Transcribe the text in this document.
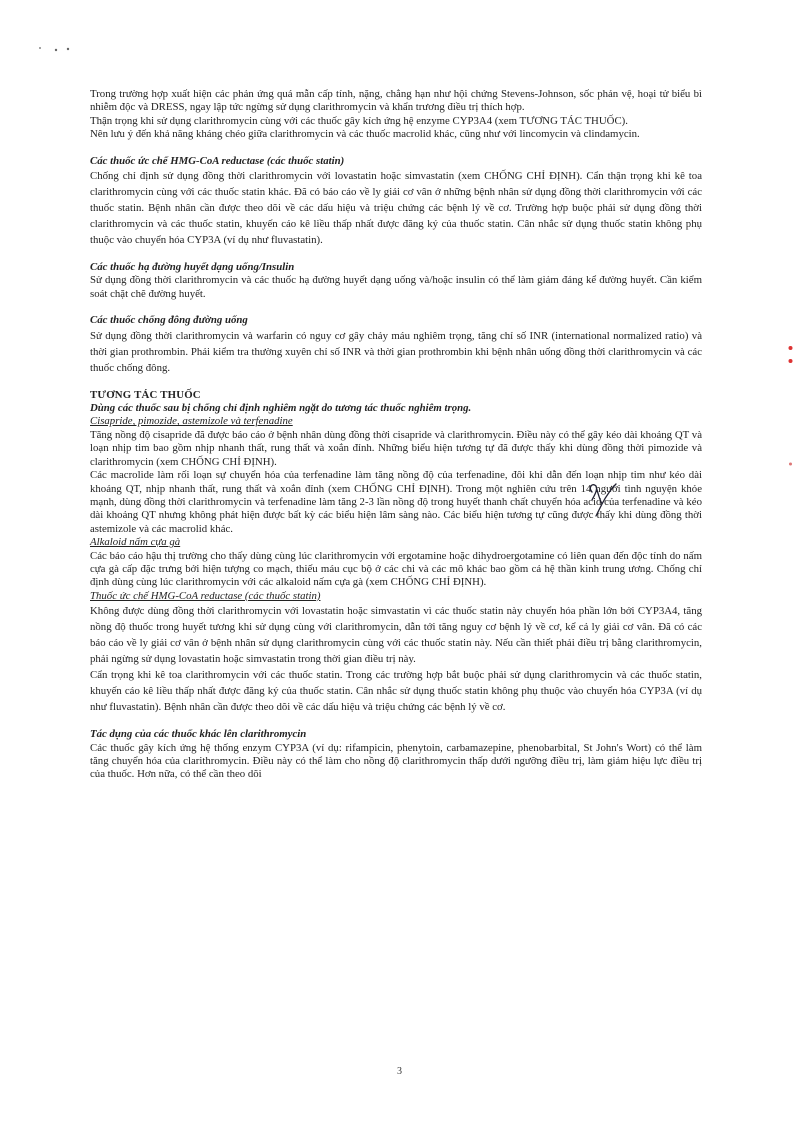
Trong trường hợp xuất hiện các phản ứng quá mẫn cấp tính, nặng, chẳng hạn như hội chứng Stevens-Johnson, sốc phản vệ, hoại tử biểu bì nhiễm độc và DRESS, ngay lập tức ngừng sử dụng clarithromycin và khẩn trương điều trị thích hợp.

Thận trọng khi sử dụng clarithromycin cùng với các thuốc gây kích ứng hệ enzyme CYP3A4 (xem TƯƠNG TÁC THUỐC).

Nên lưu ý đến khả năng kháng chéo giữa clarithromycin và các thuốc macrolid khác, cũng như với lincomycin và clindamycin.

Các thuốc ức chế HMG-CoA reductase (các thuốc statin)

Chống chỉ định sử dụng đồng thời clarithromycin với lovastatin hoặc simvastatin (xem CHỐNG CHỈ ĐỊNH). Cẩn thận trọng khi kê toa clarithromycin cùng với các thuốc statin khác. Đã có báo cáo về ly giải cơ vân ở những bệnh nhân sử dụng đồng thời clarithromycin với các thuốc statin. Bệnh nhân cần được theo dõi về các dấu hiệu và triệu chứng các bệnh lý về cơ. Trường hợp buộc phải sử dụng đồng thời clarithromycin và các thuốc statin, khuyến cáo kê liều thấp nhất được đăng ký của thuốc statin. Cân nhắc sử dụng thuốc statin không phụ thuộc vào chuyển hóa CYP3A (ví dụ như fluvastatin).

Các thuốc hạ đường huyết dạng uống/Insulin

Sử dụng đồng thời clarithromycin và các thuốc hạ đường huyết dạng uống và/hoặc insulin có thể làm giảm đáng kể đường huyết. Cần kiểm soát chặt chẽ đường huyết.

Các thuốc chống đông đường uống

Sử dụng đồng thời clarithromycin và warfarin có nguy cơ gây chảy máu nghiêm trọng, tăng chỉ số INR (international normalized ratio) và thời gian prothrombin. Phải kiểm tra thường xuyên chỉ số INR và thời gian prothrombin khi bệnh nhân uống đồng thời clarithromycin và các thuốc chống đông.

TƯƠNG TÁC THUỐC

Dùng các thuốc sau bị chống chỉ định nghiêm ngặt do tương tác thuốc nghiêm trọng.

Cisapride, pimozide, astemizole và terfenadine

Tăng nồng độ cisapride đã được báo cáo ở bệnh nhân dùng đồng thời cisapride và clarithromycin. Điều này có thể gây kéo dài khoảng QT và loạn nhịp tim bao gồm nhịp nhanh thất, rung thất và xoắn đỉnh. Những biểu hiện tương tự đã được thấy khi dùng đồng thời pimozide và clarithromycin (xem CHỐNG CHỈ ĐỊNH).

Các macrolide làm rối loạn sự chuyển hóa của terfenadine làm tăng nồng độ của terfenadine, đôi khi dẫn đến loạn nhịp tim như kéo dài khoảng QT, nhịp nhanh thất, rung thất và xoắn đỉnh (xem CHỐNG CHỈ ĐỊNH). Trong một nghiên cứu trên 14 người tình nguyện khỏe mạnh, dùng đồng thời clarithromycin và terfenadine làm tăng 2-3 lần nồng độ trong huyết thanh chất chuyển hóa acid của terfenadine và kéo dài khoảng QT nhưng không phát hiện được bất kỳ các biểu hiện lâm sàng nào. Các biểu hiện tương tự cũng được thấy khi dùng đồng thời astemizole và các macrolid khác.

Alkaloid nấm cựa gà

Các báo cáo hậu thị trường cho thấy dùng cùng lúc clarithromycin với ergotamine hoặc dihydroergotamine có liên quan đến độc tính do nấm cựa gà cấp đặc trưng bởi hiện tượng co mạch, thiếu máu cục bộ ở các chi và các mô khác bao gồm cả hệ thần kinh trung ương. Chống chỉ định dùng cùng lúc clarithromycin với các alkaloid nấm cựa gà (xem CHỐNG CHỈ ĐỊNH).

Thuốc ức chế HMG-CoA reductase (các thuốc statin)

Không được dùng đồng thời clarithromycin với lovastatin hoặc simvastatin vì các thuốc statin này chuyển hóa phần lớn bởi CYP3A4, tăng nồng độ thuốc trong huyết tương khi sử dụng cùng với clarithromycin, dẫn tới tăng nguy cơ bệnh lý về cơ, kể cả ly giải cơ vân. Đã có các báo cáo về ly giải cơ vân ở bệnh nhân sử dụng clarithromycin cùng với các thuốc statin này. Nếu cần thiết phải điều trị bằng clarithromycin, phải ngừng sử dụng lovastatin hoặc simvastatin trong thời gian điều trị này.

Cẩn trọng khi kê toa clarithromycin với các thuốc statin. Trong các trường hợp bắt buộc phải sử dụng clarithromycin và các thuốc statin, khuyến cáo kê liều thấp nhất được đăng ký của thuốc statin. Cân nhắc sử dụng thuốc statin không phụ thuộc vào chuyển hóa CYP3A (ví dụ như fluvastatin). Bệnh nhân cần được theo dõi về các dấu hiệu và triệu chứng các bệnh lý về cơ.

Tác dụng của các thuốc khác lên clarithromycin

Các thuốc gây kích ứng hệ thống enzym CYP3A (ví dụ: rifampicin, phenytoin, carbamazepine, phenobarbital, St John's Wort) có thể làm tăng chuyển hóa của clarithromycin. Điều này có thể làm cho nồng độ clarithromycin thấp dưới ngưỡng điều trị, làm giảm hiệu lực điều trị của thuốc. Hơn nữa, có thể cần theo dõi

3
